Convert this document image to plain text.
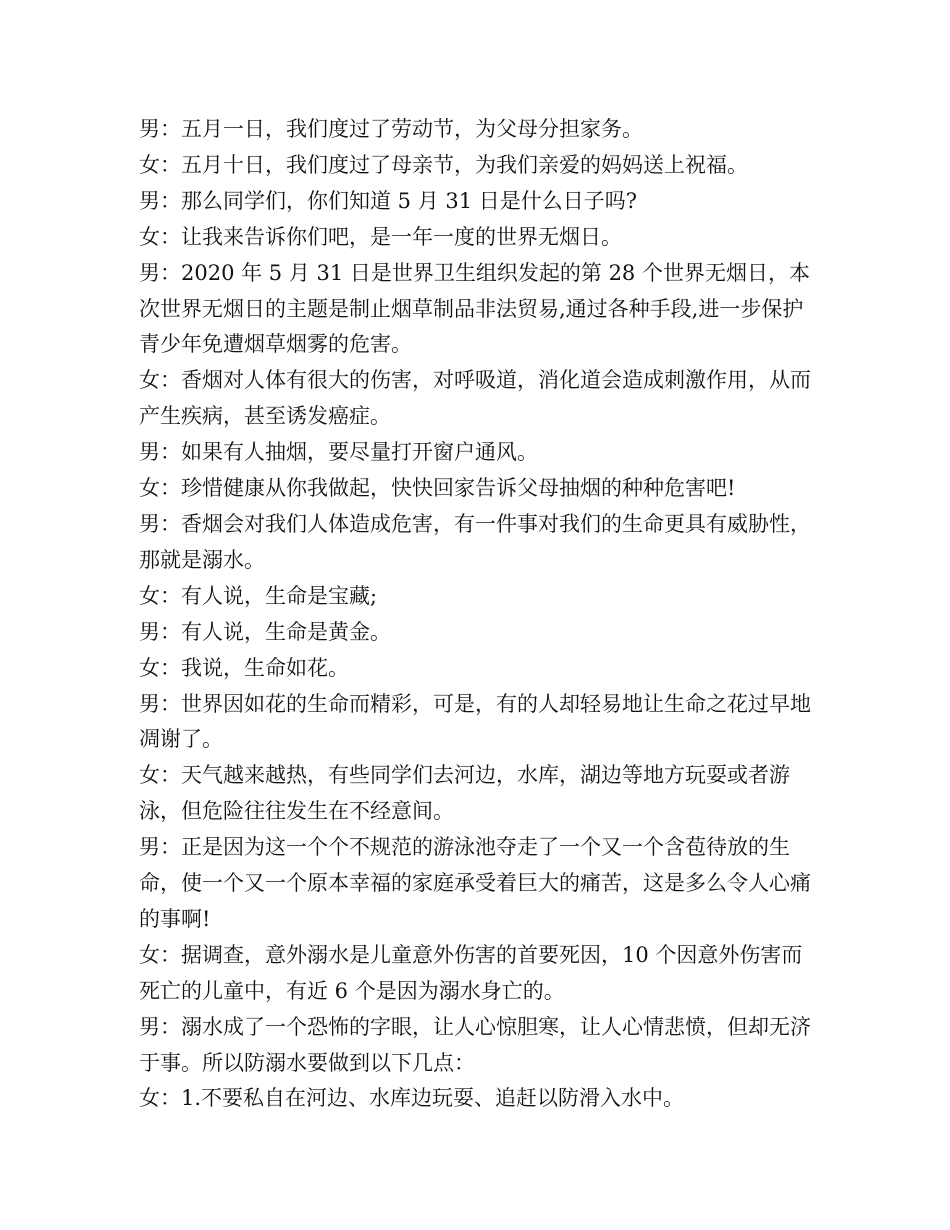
男：五月一日，我们度过了劳动节，为父母分担家务。

女：五月十日，我们度过了母亲节，为我们亲爱的妈妈送上祝福。

男：那么同学们，你们知道 5 月 31 日是什么日子吗?

女：让我来告诉你们吧，是一年一度的世界无烟日。

男：2020 年 5 月 31 日是世界卫生组织发起的第 28 个世界无烟日，本次世界无烟日的主题是制止烟草制品非法贸易,通过各种手段,进一步保护青少年免遭烟草烟雾的危害。

女：香烟对人体有很大的伤害，对呼吸道，消化道会造成刺激作用，从而产生疾病，甚至诱发癌症。

男：如果有人抽烟，要尽量打开窗户通风。

女：珍惜健康从你我做起，快快回家告诉父母抽烟的种种危害吧!

男：香烟会对我们人体造成危害，有一件事对我们的生命更具有威胁性，那就是溺水。

女：有人说，生命是宝藏;

男：有人说，生命是黄金。

女：我说，生命如花。

男：世界因如花的生命而精彩，可是，有的人却轻易地让生命之花过早地凋谢了。

女：天气越来越热，有些同学们去河边，水库，湖边等地方玩耍或者游泳，但危险往往发生在不经意间。

男：正是因为这一个个不规范的游泳池夺走了一个又一个含苞待放的生命，使一个又一个原本幸福的家庭承受着巨大的痛苦，这是多么令人心痛的事啊!

女：据调查，意外溺水是儿童意外伤害的首要死因，10 个因意外伤害而死亡的儿童中，有近 6 个是因为溺水身亡的。

男：溺水成了一个恐怖的字眼，让人心惊胆寒，让人心情悲愤，但却无济于事。所以防溺水要做到以下几点：

女：1.不要私自在河边、水库边玩耍、追赶以防滑入水中。
